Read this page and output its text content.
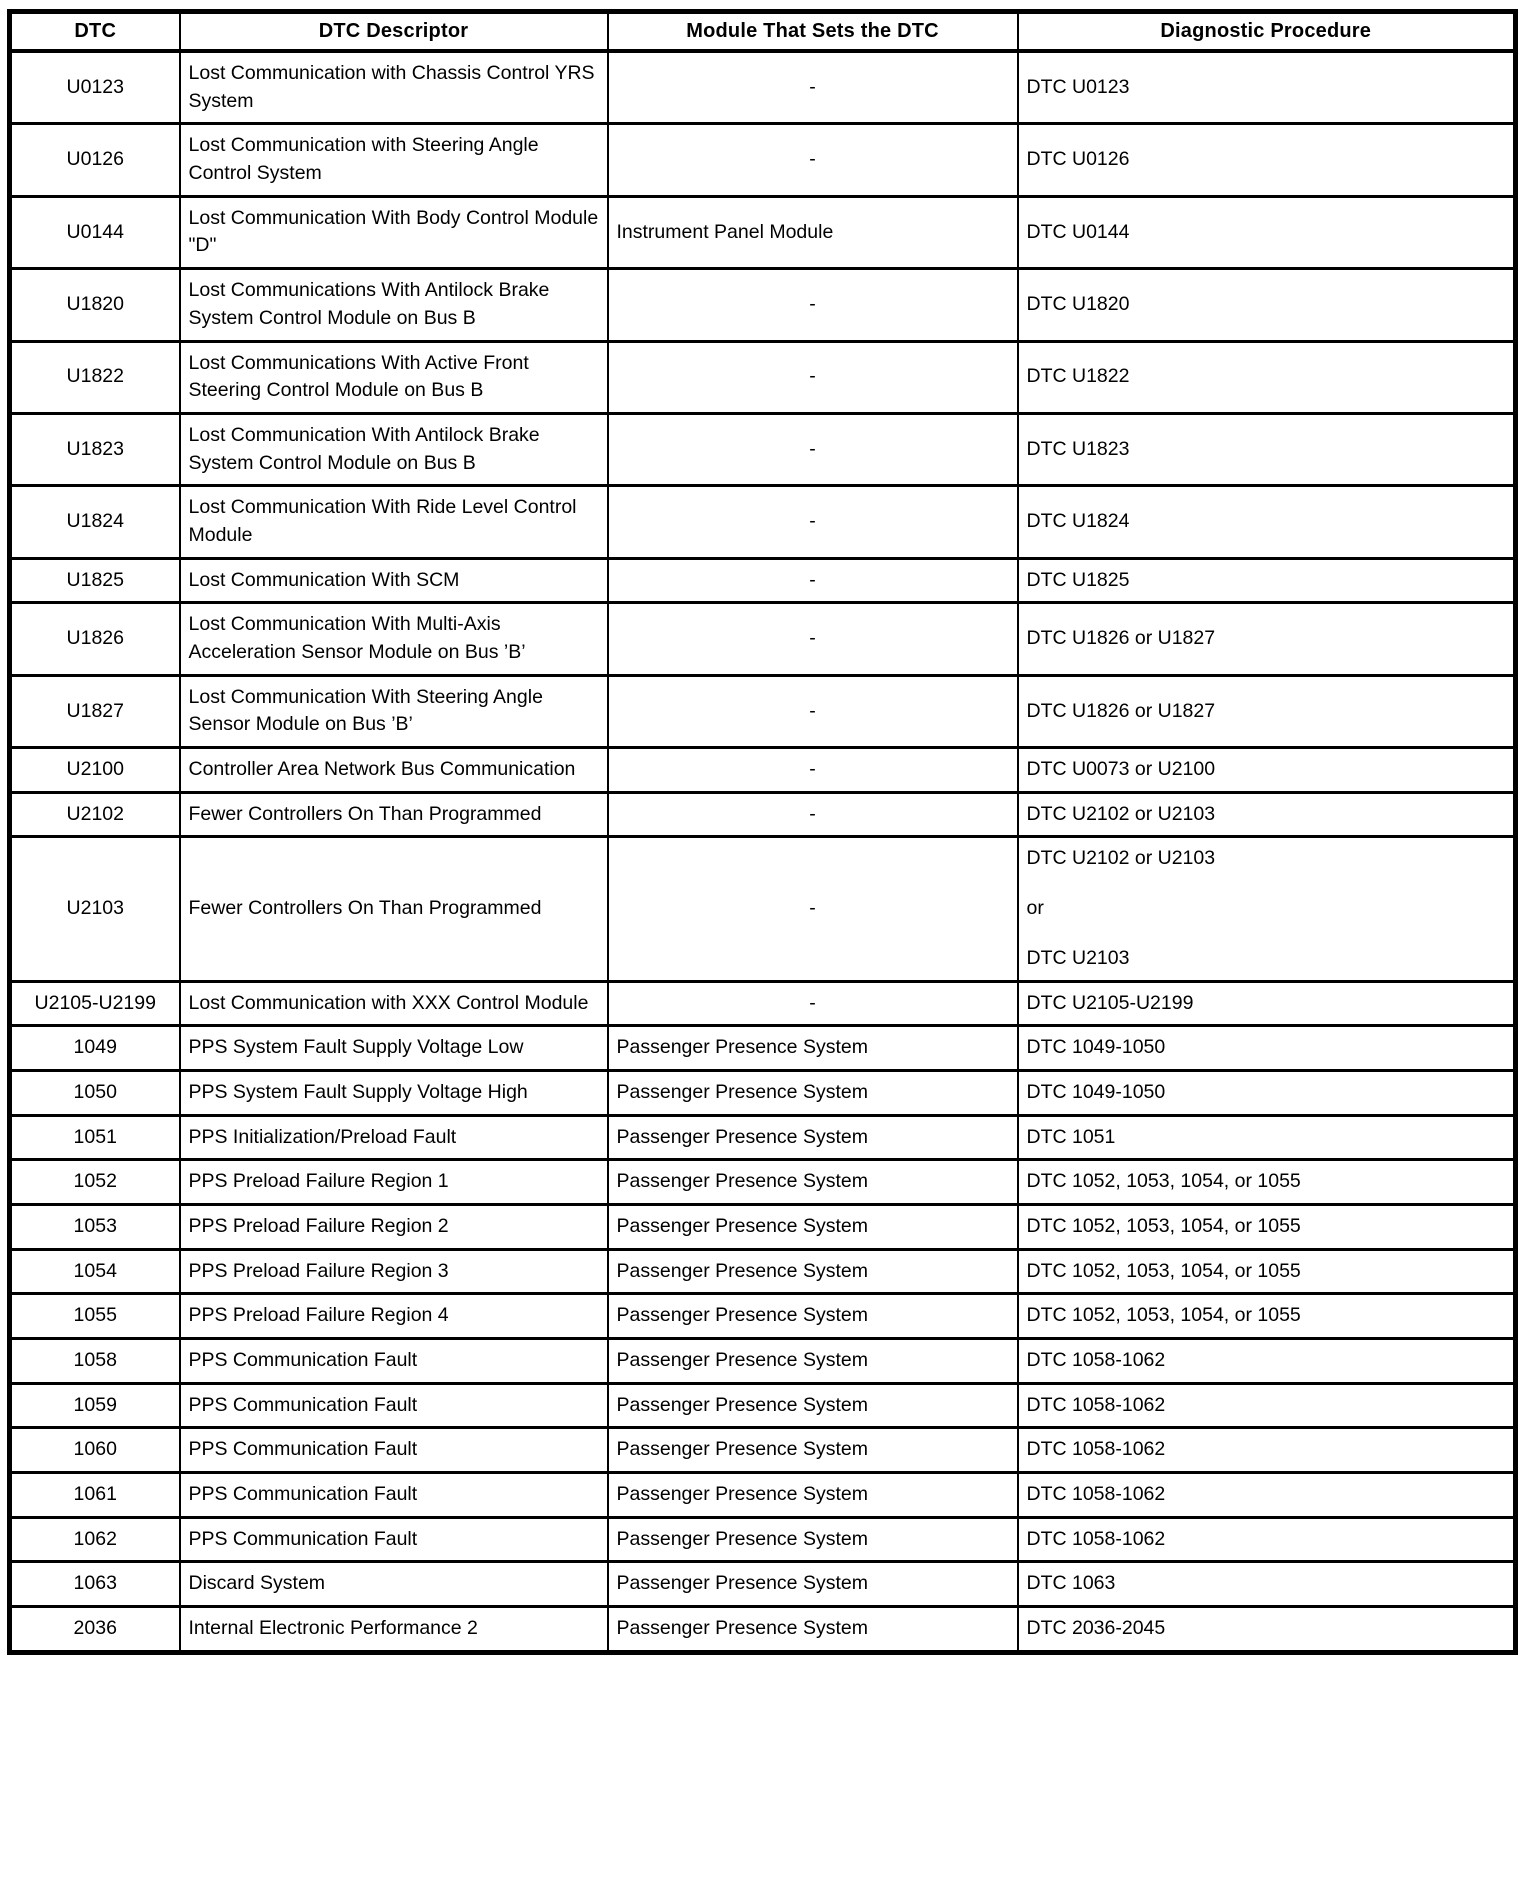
DTC	DTC Descriptor	Module That Sets the DTC	Diagnostic Procedure
U0123	Lost Communication with Chassis Control YRS System	-	DTC U0123

U0126	Lost Communication with Steering Angle Control System	-	DTC U0126

U0144	Lost Communication With Body Control Module "D"	Instrument Panel Module	DTC U0144

U1820	Lost Communications With Antilock Brake System Control Module on Bus B	-	DTC U1820

U1822	Lost Communications With Active Front Steering Control Module on Bus B	-	DTC U1822

U1823	Lost Communication With Antilock Brake System Control Module on Bus B	-	DTC U1823

U1824	Lost Communication With Ride Level Control Module	-	DTC U1824

U1825	Lost Communication With SCM	-	DTC U1825

U1826	Lost Communication With Multi-Axis Acceleration Sensor Module on Bus ’B’	-	DTC U1826 or U1827

U1827	Lost Communication With Steering Angle Sensor Module on Bus ’B’	-	DTC U1826 or U1827

U2100	Controller Area Network Bus Communication	-	DTC U0073 or U2100

U2102	Fewer Controllers On Than Programmed	-	DTC U2102 or U2103

U2103	Fewer Controllers On Than Programmed	-	DTC U2102 or U2103

or

DTC U2103

U2105-U2199	Lost Communication with XXX Control Module	-	DTC U2105-U2199

1049	PPS System Fault Supply Voltage Low	Passenger Presence System	DTC 1049-1050

1050	PPS System Fault Supply Voltage High	Passenger Presence System	DTC 1049-1050

1051	PPS Initialization/Preload Fault	Passenger Presence System	DTC 1051

1052	PPS Preload Failure Region 1	Passenger Presence System	DTC 1052, 1053, 1054, or 1055

1053	PPS Preload Failure Region 2	Passenger Presence System	DTC 1052, 1053, 1054, or 1055

1054	PPS Preload Failure Region 3	Passenger Presence System	DTC 1052, 1053, 1054, or 1055

1055	PPS Preload Failure Region 4	Passenger Presence System	DTC 1052, 1053, 1054, or 1055

1058	PPS Communication Fault	Passenger Presence System	DTC 1058-1062

1059	PPS Communication Fault	Passenger Presence System	DTC 1058-1062

1060	PPS Communication Fault	Passenger Presence System	DTC 1058-1062

1061	PPS Communication Fault	Passenger Presence System	DTC 1058-1062

1062	PPS Communication Fault	Passenger Presence System	DTC 1058-1062

1063	Discard System	Passenger Presence System	DTC 1063

2036	Internal Electronic Performance 2	Passenger Presence System	DTC 2036-2045
